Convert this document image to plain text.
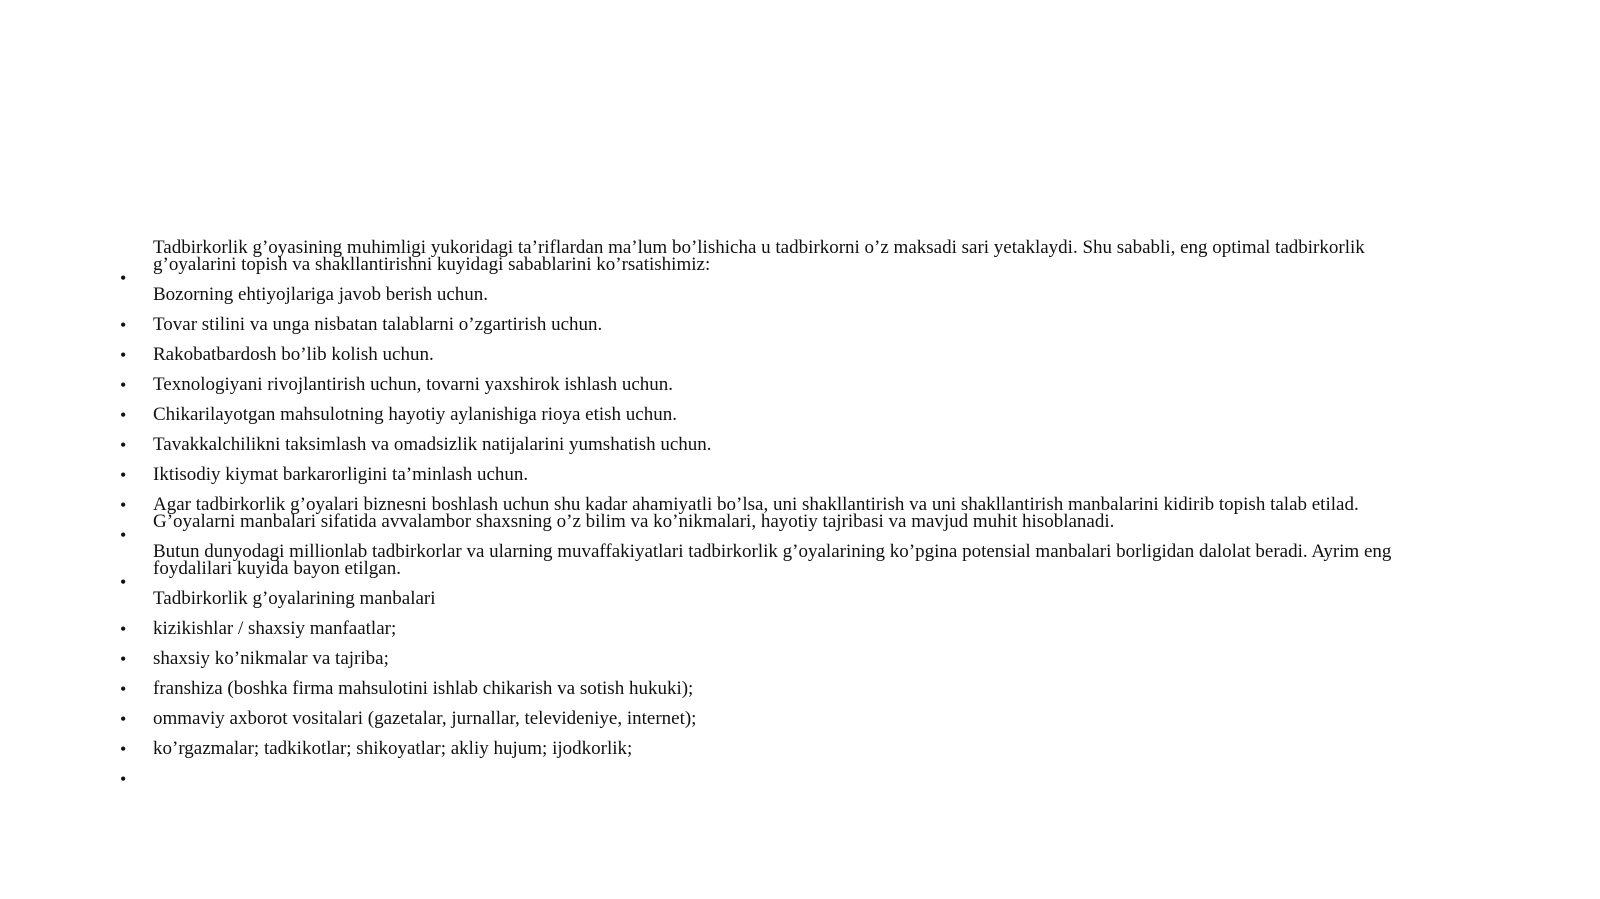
•
•
•
•
•
•
•
•
•
•
•
•
•
•
•
•
Tadbirkorlik g’oyasining muhimligi yukoridagi ta’riflardan ma’lum bo’lishicha u tadbirkorni o’z maksadi sari yetaklaydi. Shu sababli, eng optimal tadbirkorlik
g’oyalarini topish va shakllantirishni kuyidagi sabablarini ko’rsatishimiz:
Bozorning ehtiyojlariga javob berish uchun.
Tovar stilini va unga nisbatan talablarni o’zgartirish uchun.
Rakobatbardosh bo’lib kolish uchun.
Texnologiyani rivojlantirish uchun, tovarni yaxshirok ishlash uchun.
Chikarilayotgan mahsulotning hayotiy aylanishiga rioya etish uchun.
Tavakkalchilikni taksimlash va omadsizlik natijalarini yumshatish uchun.
Iktisodiy kiymat barkarorligini ta’minlash uchun.
Agar tadbirkorlik g’oyalari biznesni boshlash uchun shu kadar ahamiyatli bo’lsa, uni shakllantirish va uni shakllantirish manbalarini kidirib topish talab etilad.
G’oyalarni manbalari sifatida avvalambor shaxsning o’z bilim va ko’nikmalari, hayotiy tajribasi va mavjud muhit hisoblanadi.
Butun dunyodagi millionlab tadbirkorlar va ularning muvaffakiyatlari tadbirkorlik g’oyalarining ko’pgina potensial manbalari borligidan dalolat beradi. Ayrim eng
foydalilari kuyida bayon etilgan.
Tadbirkorlik g’oyalarining manbalari
kizikishlar / shaxsiy manfaatlar;
shaxsiy ko’nikmalar va tajriba;
franshiza (boshka firma mahsulotini ishlab chikarish va sotish hukuki);
ommaviy axborot vositalari (gazetalar, jurnallar, televideniye, internet);
ko’rgazmalar; tadkikotlar; shikoyatlar; akliy hujum; ijodkorlik;
